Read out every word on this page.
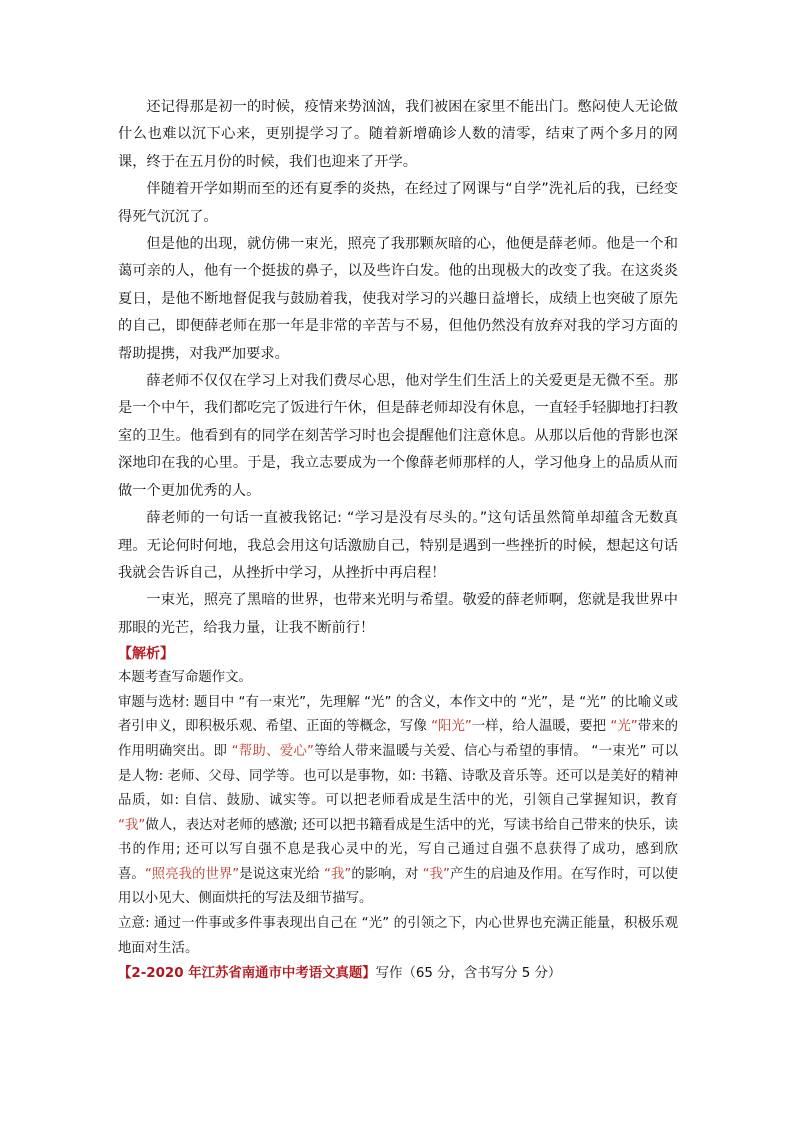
还记得那是初一的时候，疫情来势汹汹，我们被困在家里不能出门。憋闷使人无论做什么也难以沉下心来，更别提学习了。随着新增确诊人数的清零，结束了两个多月的网课，终于在五月份的时候，我们也迎来了开学。

伴随着开学如期而至的还有夏季的炎热，在经过了网课与“自学”洗礼后的我，已经变得死气沉沉了。

但是他的出现，就仿佛一束光，照亮了我那颗灰暗的心，他便是薛老师。他是一个和蔼可亲的人，他有一个挺拔的鼻子，以及些许白发。他的出现极大的改变了我。在这炎炎夏日，是他不断地督促我与鼓励着我，使我对学习的兴趣日益增长，成绩上也突破了原先的自己，即便薛老师在那一年是非常的辛苦与不易，但他仍然没有放弃对我的学习方面的帮助提携，对我严加要求。

薛老师不仅仅在学习上对我们费尽心思，他对学生们生活上的关爱更是无微不至。那是一个中午，我们都吃完了饭进行午休，但是薛老师却没有休息，一直轻手轻脚地打扫教室的卫生。他看到有的同学在刻苦学习时也会提醒他们注意休息。从那以后他的背影也深深地印在我的心里。于是，我立志要成为一个像薛老师那样的人，学习他身上的品质从而做一个更加优秀的人。

薛老师的一句话一直被我铭记: “学习是没有尽头的。”这句话虽然简单却蕴含无数真理。无论何时何地，我总会用这句话激励自己，特别是遇到一些挫折的时候，想起这句话我就会告诉自己，从挫折中学习，从挫折中再启程！

一束光，照亮了黑暗的世界，也带来光明与希望。敬爱的薛老师啊，您就是我世界中那眼的光芒，给我力量，让我不断前行！

【解析】

本题考查写命题作文。

审题与选材: 题目中 “有一束光”，先理解 “光” 的含义，本作文中的 “光”，是 “光” 的比喻义或者引申义，即积极乐观、希望、正面的等概念，写像 “阳光”一样，给人温暖，要把 “光”带来的作用明确突出。即 “帮助、爱心”等给人带来温暖与关爱、信心与希望的事情。 “一束光” 可以是人物: 老师、父母、同学等。也可以是事物，如: 书籍、诗歌及音乐等。还可以是美好的精神品质，如: 自信、鼓励、诚实等。可以把老师看成是生活中的光，引领自己掌握知识，教育 “我”做人，表达对老师的感激; 还可以把书籍看成是生活中的光，写读书给自己带来的快乐，读书的作用; 还可以写自强不息是我心灵中的光，写自己通过自强不息获得了成功，感到欣喜。“照亮我的世界”是说这束光给 “我”的影响，对 “我”产生的启迪及作用。在写作时，可以使用以小见大、侧面烘托的写法及细节描写。

立意: 通过一件事或多件事表现出自己在 “光” 的引领之下，内心世界也充满正能量，积极乐观地面对生活。

【2-2020 年江苏省南通市中考语文真题】写作（65 分，含书写分 5 分）
